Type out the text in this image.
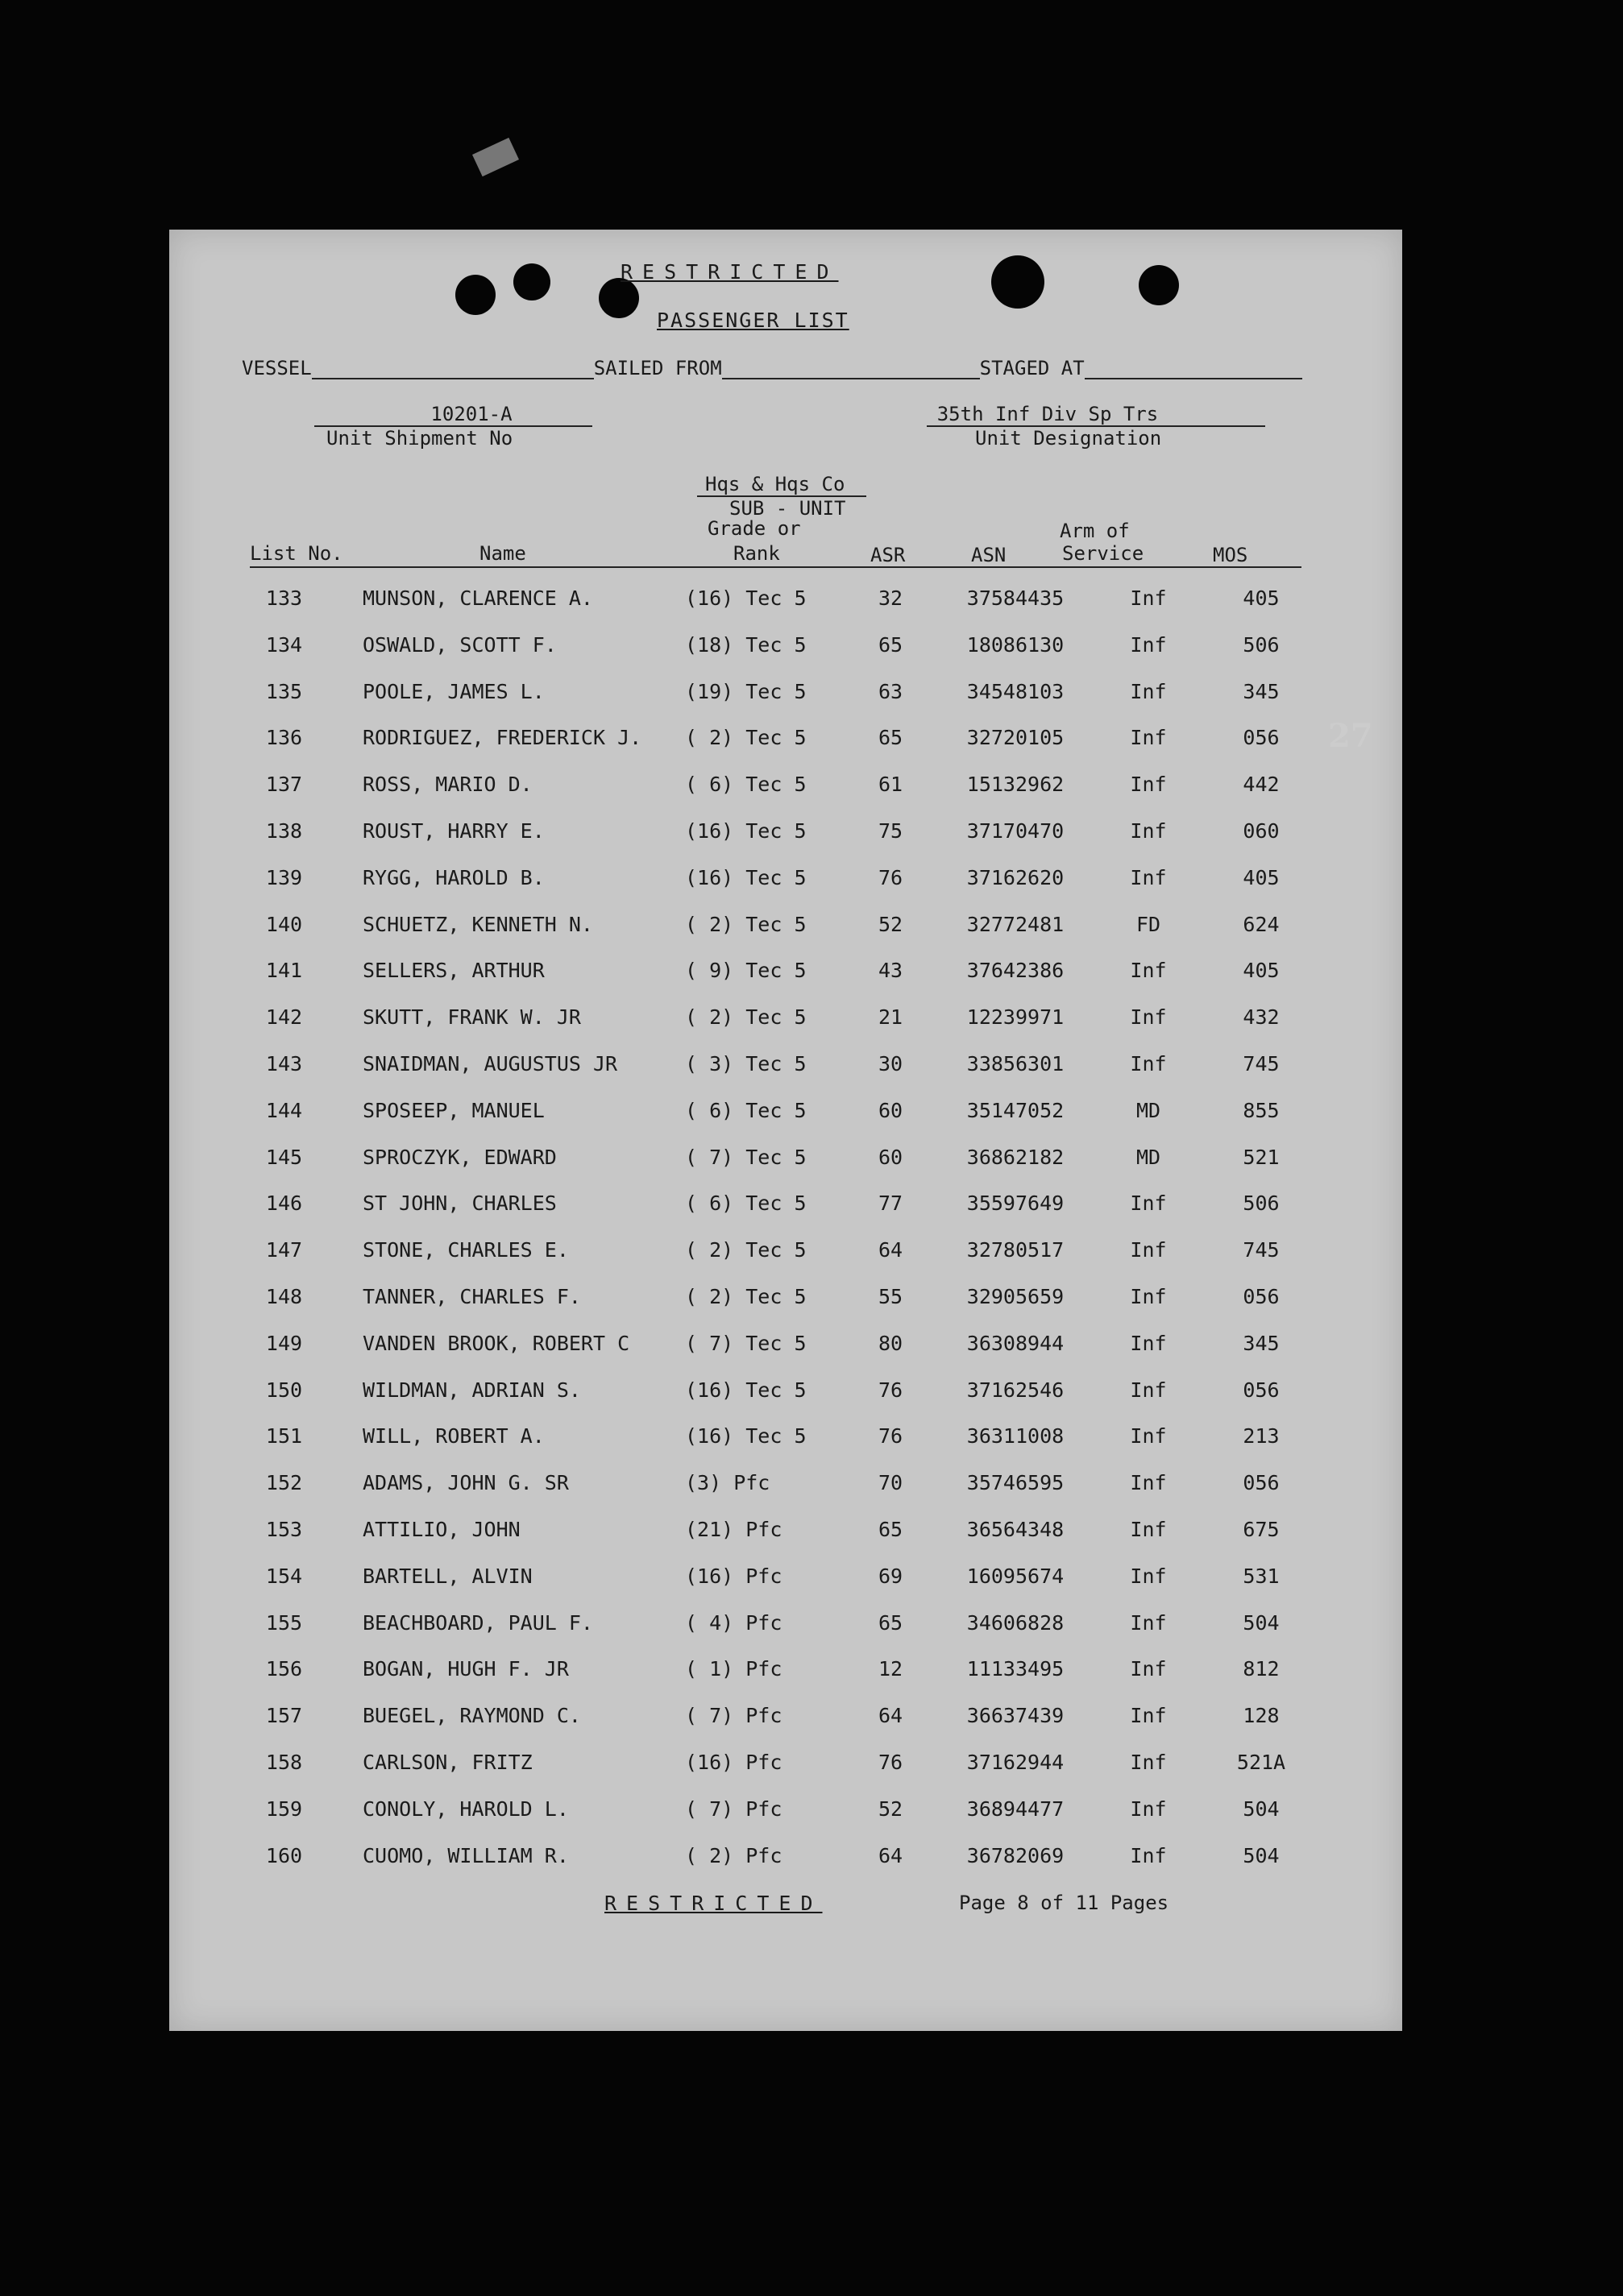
RESTRICTED
PASSENGER LIST
VESSEL	SAILED FROM	STAGED AT
10201-A
Unit Shipment No
35th Inf Div Sp Trs
Unit Designation
Hqs & Hqs Co
SUB - UNIT
Grade or	Arm of
List No.	Name	Rank	ASR	ASN	Service	MOS
133	MUNSON, CLARENCE A.	(16) Tec 5	32	37584435	Inf	405
134	OSWALD, SCOTT F.	(18) Tec 5	65	18086130	Inf	506
135	POOLE, JAMES L.	(19) Tec 5	63	34548103	Inf	345
136	RODRIGUEZ, FREDERICK J. ( 2) Tec 5	65	32720105	Inf	056
137	ROSS, MARIO D.	( 6) Tec 5	61	15132962	Inf	442
138	ROUST, HARRY E.	(16) Tec 5	75	37170470	Inf	060
139	RYGG, HAROLD B.	(16) Tec 5	76	37162620	Inf	405
140	SCHUETZ, KENNETH N.	( 2) Tec 5	52	32772481	FD	624
141	SELLERS, ARTHUR	( 9) Tec 5	43	37642386	Inf	405
142	SKUTT, FRANK W. JR	( 2) Tec 5	21	12239971	Inf	432
143	SNAIDMAN, AUGUSTUS JR	( 3) Tec 5	30	33856301	Inf	745
144	SPOSEEP, MANUEL	( 6) Tec 5	60	35147052	MD	855
145	SPROCZYK, EDWARD	( 7) Tec 5	60	36862182	MD	521
146	ST JOHN, CHARLES	( 6) Tec 5	77	35597649	Inf	506
147	STONE, CHARLES E.	( 2) Tec 5	64	32780517	Inf	745
148	TANNER, CHARLES F.	( 2) Tec 5	55	32905659	Inf	056
149	VANDEN BROOK, ROBERT C	( 7) Tec 5	80	36308944	Inf	345
150	WILDMAN, ADRIAN S.	(16) Tec 5	76	37162546	Inf	056
151	WILL, ROBERT A.	(16) Tec 5	76	36311008	Inf	213
152	ADAMS, JOHN G. SR	(3) Pfc	70	35746595	Inf	056
153	ATTILIO, JOHN	(21) Pfc	65	36564348	Inf	675
154	BARTELL, ALVIN	(16) Pfc	69	16095674	Inf	531
155	BEACHBOARD, PAUL F.	( 4) Pfc	65	34606828	Inf	504
156	BOGAN, HUGH F. JR	( 1) Pfc	12	11133495	Inf	812
157	BUEGEL, RAYMOND C.	( 7) Pfc	64	36637439	Inf	128
158	CARLSON, FRITZ	(16) Pfc	76	37162944	Inf	521A
159	CONOLY, HAROLD L.	( 7) Pfc	52	36894477	Inf	504
160	CUOMO, WILLIAM R.	( 2) Pfc	64	36782069	Inf	504
RESTRICTED	Page 8 of 11 Pages
27
